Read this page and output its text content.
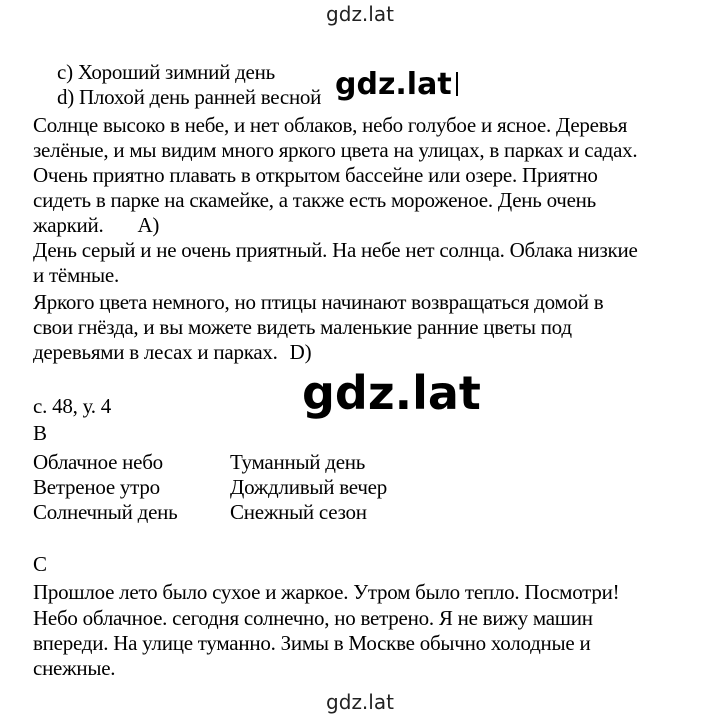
gdz.lat
gdz.lat
gdz.lat
gdz.lat
c) Хороший зимний день
d) Плохой день ранней весной
Солнце высоко в небе, и нет облаков, небо голубое и ясное. Деревья
зелёные, и мы видим много яркого цвета на улицах, в парках и садах.
Очень приятно плавать в открытом бассейне или озере. Приятно
сидеть в парке на скамейке, а также есть мороженое. День очень
жаркий. A)
День серый и не очень приятный. На небе нет солнца. Облака низкие
и тёмные.
Яркого цвета немного, но птицы начинают возвращаться домой в
свои гнёзда, и вы можете видеть маленькие ранние цветы под
деревьями в лесах и парках. D)
с. 48, у. 4
B
Облачное небо	Туманный день
Ветреное утро	Дождливый вечер
Солнечный день	Снежный сезон
C
Прошлое лето было сухое и жаркое. Утром было тепло. Посмотри!
Небо облачное. сегодня солнечно, но ветрено. Я не вижу машин
впереди. На улице туманно. Зимы в Москве обычно холодные и
снежные.
